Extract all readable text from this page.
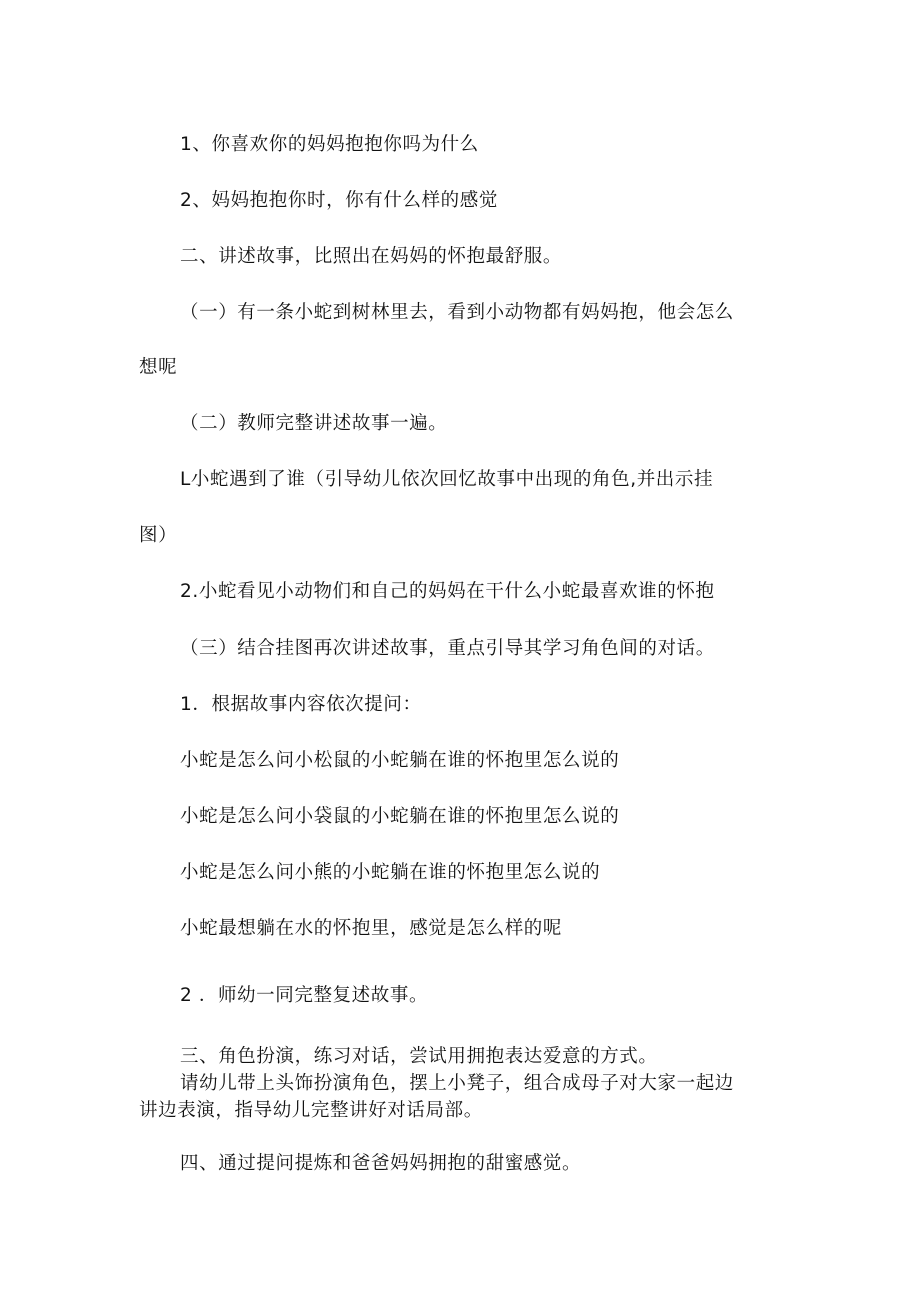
1、你喜欢你的妈妈抱抱你吗为什么

2、妈妈抱抱你时，你有什么样的感觉

二、讲述故事，比照出在妈妈的怀抱最舒服。

（一）有一条小蛇到树林里去，看到小动物都有妈妈抱，他会怎么

想呢

（二）教师完整讲述故事一遍。

L小蛇遇到了谁（引导幼儿依次回忆故事中出现的角色,并出示挂

图）

2.小蛇看见小动物们和自己的妈妈在干什么小蛇最喜欢谁的怀抱

（三）结合挂图再次讲述故事，重点引导其学习角色间的对话。

1．根据故事内容依次提问：

小蛇是怎么问小松鼠的小蛇躺在谁的怀抱里怎么说的

小蛇是怎么问小袋鼠的小蛇躺在谁的怀抱里怎么说的

小蛇是怎么问小熊的小蛇躺在谁的怀抱里怎么说的

小蛇最想躺在水的怀抱里，感觉是怎么样的呢

2 ．师幼一同完整复述故事。

三、角色扮演，练习对话，尝试用拥抱表达爱意的方式。

请幼儿带上头饰扮演角色，摆上小凳子，组合成母子对大家一起边

讲边表演，指导幼儿完整讲好对话局部。

四、通过提问提炼和爸爸妈妈拥抱的甜蜜感觉。
